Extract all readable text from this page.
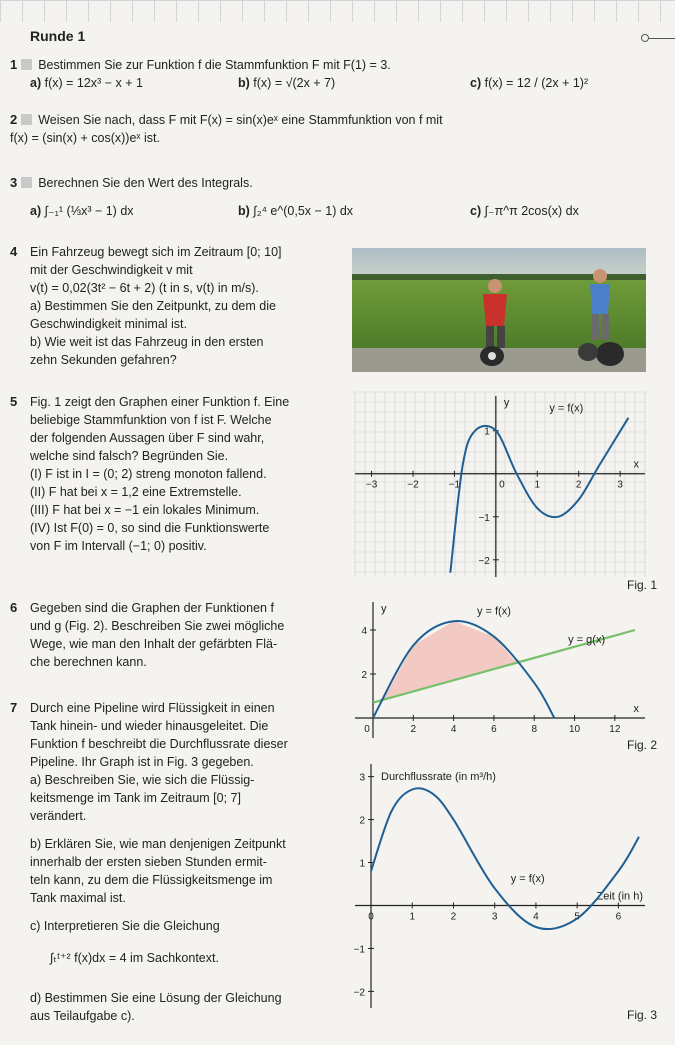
Runde 1
1 Bestimmen Sie zur Funktion f die Stammfunktion F mit F(1) = 3.
a) f(x) = 12x³ − x + 1	b) f(x) = √(2x + 7)	c) f(x) = 12 / (2x + 1)²
2 Weisen Sie nach, dass F mit F(x) = sin(x)eˣ eine Stammfunktion von f mit
f(x) = (sin(x) + cos(x))eˣ ist.
3 Berechnen Sie den Wert des Integrals.
a) ∫₋₁¹ (⅓x³ − 1) dx	b) ∫₂⁴ e^(0,5x − 1) dx	c) ∫₋π^π 2cos(x) dx
4 Ein Fahrzeug bewegt sich im Zeitraum [0; 10]
mit der Geschwindigkeit v mit
v(t) = 0,02(3t² − 6t + 2) (t in s, v(t) in m/s).
a) Bestimmen Sie den Zeitpunkt, zu dem die
Geschwindigkeit minimal ist.
b) Wie weit ist das Fahrzeug in den ersten
zehn Sekunden gefahren?
5 Fig. 1 zeigt den Graphen einer Funktion f. Eine
beliebige Stammfunktion von f ist F. Welche
der folgenden Aussagen über F sind wahr,
welche sind falsch? Begründen Sie.
(I) F ist in I = (0; 2) streng monoton fallend.
(II) F hat bei x = 1,2 eine Extremstelle.
(III) F hat bei x = −1 ein lokales Minimum.
(IV) Ist F(0) = 0, so sind die Funktionswerte
von F im Intervall (−1; 0) positiv.
y
x
−3	−2	−1	0	1	2	3
1
−1
−2
y = f(x)
Fig. 1
6 Gegeben sind die Graphen der Funktionen f
und g (Fig. 2). Beschreiben Sie zwei mögliche
Wege, wie man den Inhalt der gefärbten Flä-
che berechnen kann.
y
x
0	2	4	6	8	10	12
4
2
y = f(x)
y = g(x)
Fig. 2
7 Durch eine Pipeline wird Flüssigkeit in einen
Tank hinein- und wieder hinausgeleitet. Die
Funktion f beschreibt die Durchflussrate dieser
Pipeline. Ihr Graph ist in Fig. 3 gegeben.
a) Beschreiben Sie, wie sich die Flüssig-
keitsmenge im Tank im Zeitraum [0; 7]
verändert.
b) Erklären Sie, wie man denjenigen Zeitpunkt
innerhalb der ersten sieben Stunden ermit-
teln kann, zu dem die Flüssigkeitsmenge im
Tank maximal ist.
c) Interpretieren Sie die Gleichung
∫ₜᵗ⁺² f(x)dx = 4 im Sachkontext.
d) Bestimmen Sie eine Lösung der Gleichung
aus Teilaufgabe c).
Durchflussrate (in m³/h)
Zeit (in h)
0	1	2	3	4	5	6
3
2
1
−1
−2
y = f(x)
Fig. 3
